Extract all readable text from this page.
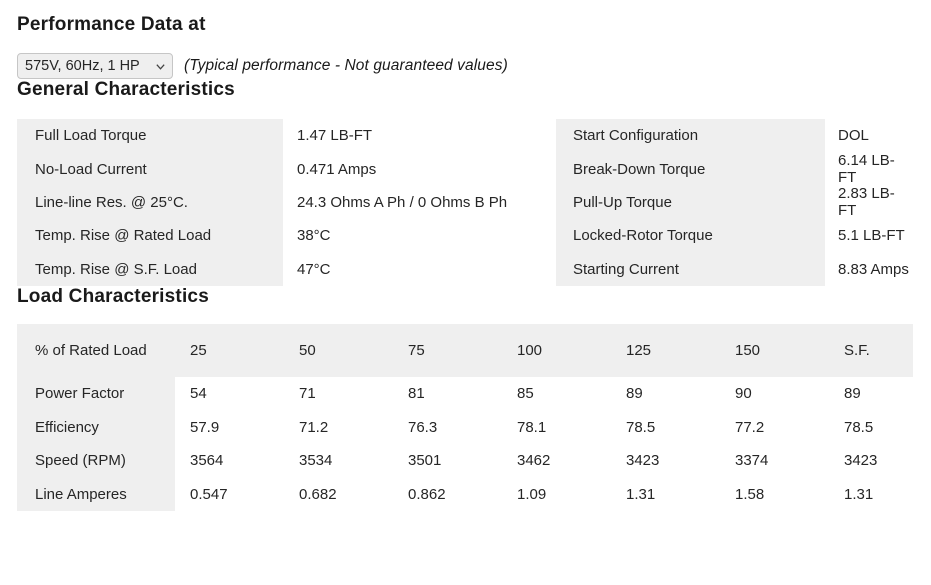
Performance Data at
575V, 60Hz, 1 HP
(Typical performance - Not guaranteed values)
General Characteristics
Full Load Torque	1.47 LB-FT
No-Load Current	0.471 Amps
Line-line Res. @ 25°C.	24.3 Ohms A Ph / 0 Ohms B Ph
Temp. Rise @ Rated Load	38°C
Temp. Rise @ S.F. Load	47°C
Start Configuration	DOL
Break-Down Torque	6.14 LB-FT
Pull-Up Torque	2.83 LB-FT
Locked-Rotor Torque	5.1 LB-FT
Starting Current	8.83 Amps
Load Characteristics
% of Rated Load	25	50	75	100	125	150	S.F.
Power Factor	54	71	81	85	89	90	89
Efficiency	57.9	71.2	76.3	78.1	78.5	77.2	78.5
Speed (RPM)	3564	3534	3501	3462	3423	3374	3423
Line Amperes	0.547	0.682	0.862	1.09	1.31	1.58	1.31
